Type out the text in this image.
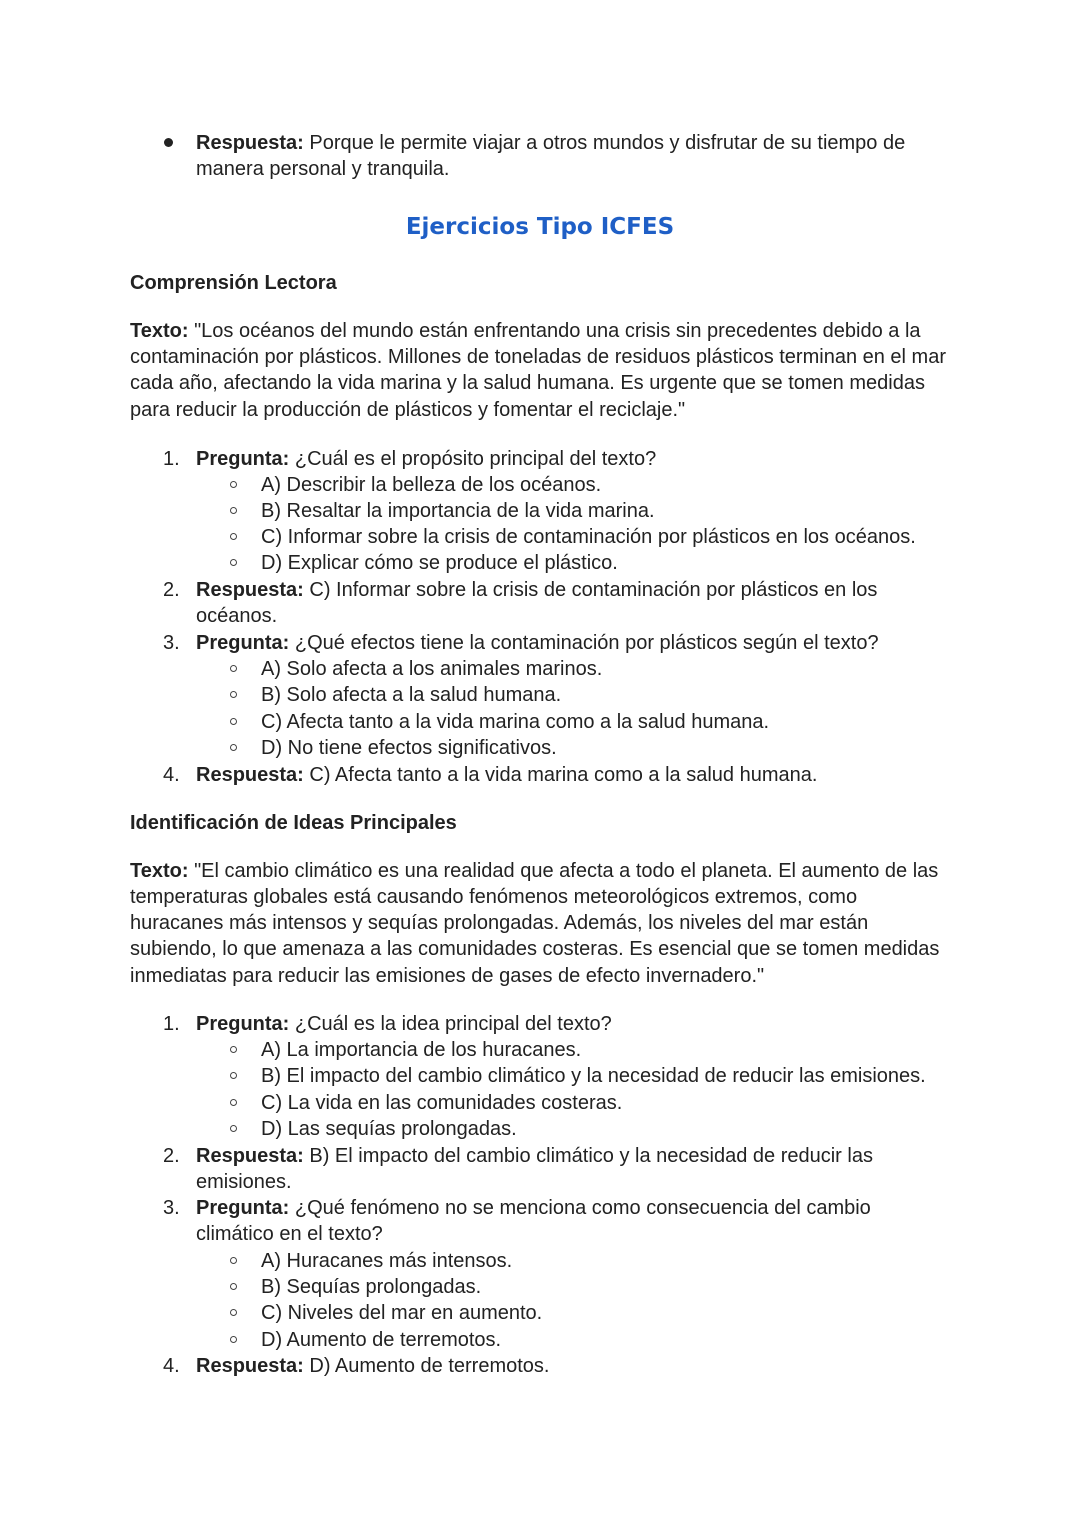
Respuesta: Porque le permite viajar a otros mundos y disfrutar de su tiempo de
manera personal y tranquila.
Ejercicios Tipo ICFES
Comprensión Lectora
Texto: "Los océanos del mundo están enfrentando una crisis sin precedentes debido a la
contaminación por plásticos. Millones de toneladas de residuos plásticos terminan en el mar
cada año, afectando la vida marina y la salud humana. Es urgente que se tomen medidas
para reducir la producción de plásticos y fomentar el reciclaje."
1. Pregunta: ¿Cuál es el propósito principal del texto?
A) Describir la belleza de los océanos.
B) Resaltar la importancia de la vida marina.
C) Informar sobre la crisis de contaminación por plásticos en los océanos.
D) Explicar cómo se produce el plástico.
2. Respuesta: C) Informar sobre la crisis de contaminación por plásticos en los
océanos.
3. Pregunta: ¿Qué efectos tiene la contaminación por plásticos según el texto?
A) Solo afecta a los animales marinos.
B) Solo afecta a la salud humana.
C) Afecta tanto a la vida marina como a la salud humana.
D) No tiene efectos significativos.
4. Respuesta: C) Afecta tanto a la vida marina como a la salud humana.
Identificación de Ideas Principales
Texto: "El cambio climático es una realidad que afecta a todo el planeta. El aumento de las
temperaturas globales está causando fenómenos meteorológicos extremos, como
huracanes más intensos y sequías prolongadas. Además, los niveles del mar están
subiendo, lo que amenaza a las comunidades costeras. Es esencial que se tomen medidas
inmediatas para reducir las emisiones de gases de efecto invernadero."
1. Pregunta: ¿Cuál es la idea principal del texto?
A) La importancia de los huracanes.
B) El impacto del cambio climático y la necesidad de reducir las emisiones.
C) La vida en las comunidades costeras.
D) Las sequías prolongadas.
2. Respuesta: B) El impacto del cambio climático y la necesidad de reducir las
emisiones.
3. Pregunta: ¿Qué fenómeno no se menciona como consecuencia del cambio
climático en el texto?
A) Huracanes más intensos.
B) Sequías prolongadas.
C) Niveles del mar en aumento.
D) Aumento de terremotos.
4. Respuesta: D) Aumento de terremotos.
